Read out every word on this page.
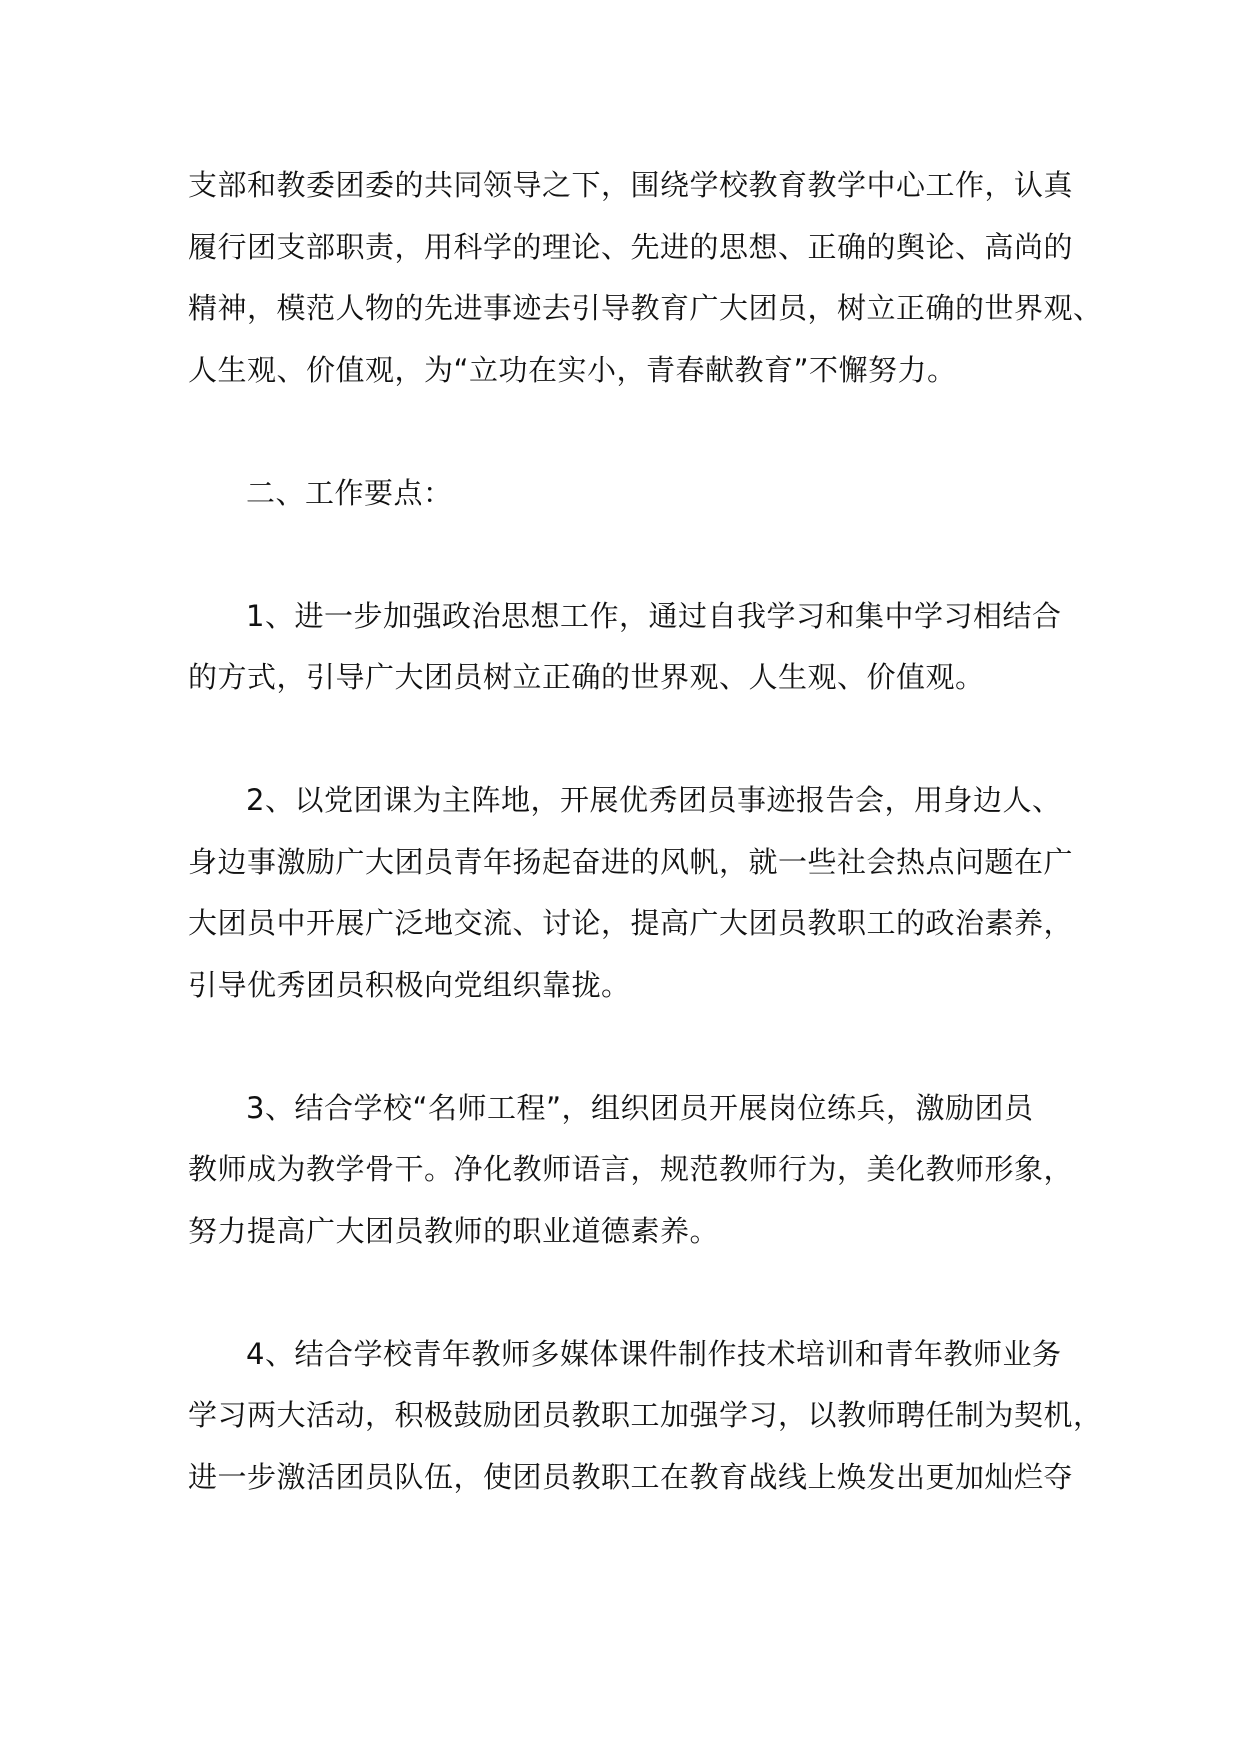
支部和教委团委的共同领导之下，围绕学校教育教学中心工作，认真
履行团支部职责，用科学的理论、先进的思想、正确的舆论、高尚的
精神，模范人物的先进事迹去引导教育广大团员，树立正确的世界观、
人生观、价值观，为“立功在实小，青春献教育”不懈努力。
二、工作要点：
1、进一步加强政治思想工作，通过自我学习和集中学习相结合
的方式，引导广大团员树立正确的世界观、人生观、价值观。
2、以党团课为主阵地，开展优秀团员事迹报告会，用身边人、
身边事激励广大团员青年扬起奋进的风帆，就一些社会热点问题在广
大团员中开展广泛地交流、讨论，提高广大团员教职工的政治素养，
引导优秀团员积极向党组织靠拢。
3、结合学校“名师工程”，组织团员开展岗位练兵，激励团员
教师成为教学骨干。净化教师语言，规范教师行为，美化教师形象，
努力提高广大团员教师的职业道德素养。
4、结合学校青年教师多媒体课件制作技术培训和青年教师业务
学习两大活动，积极鼓励团员教职工加强学习，以教师聘任制为契机，
进一步激活团员队伍，使团员教职工在教育战线上焕发出更加灿烂夺
